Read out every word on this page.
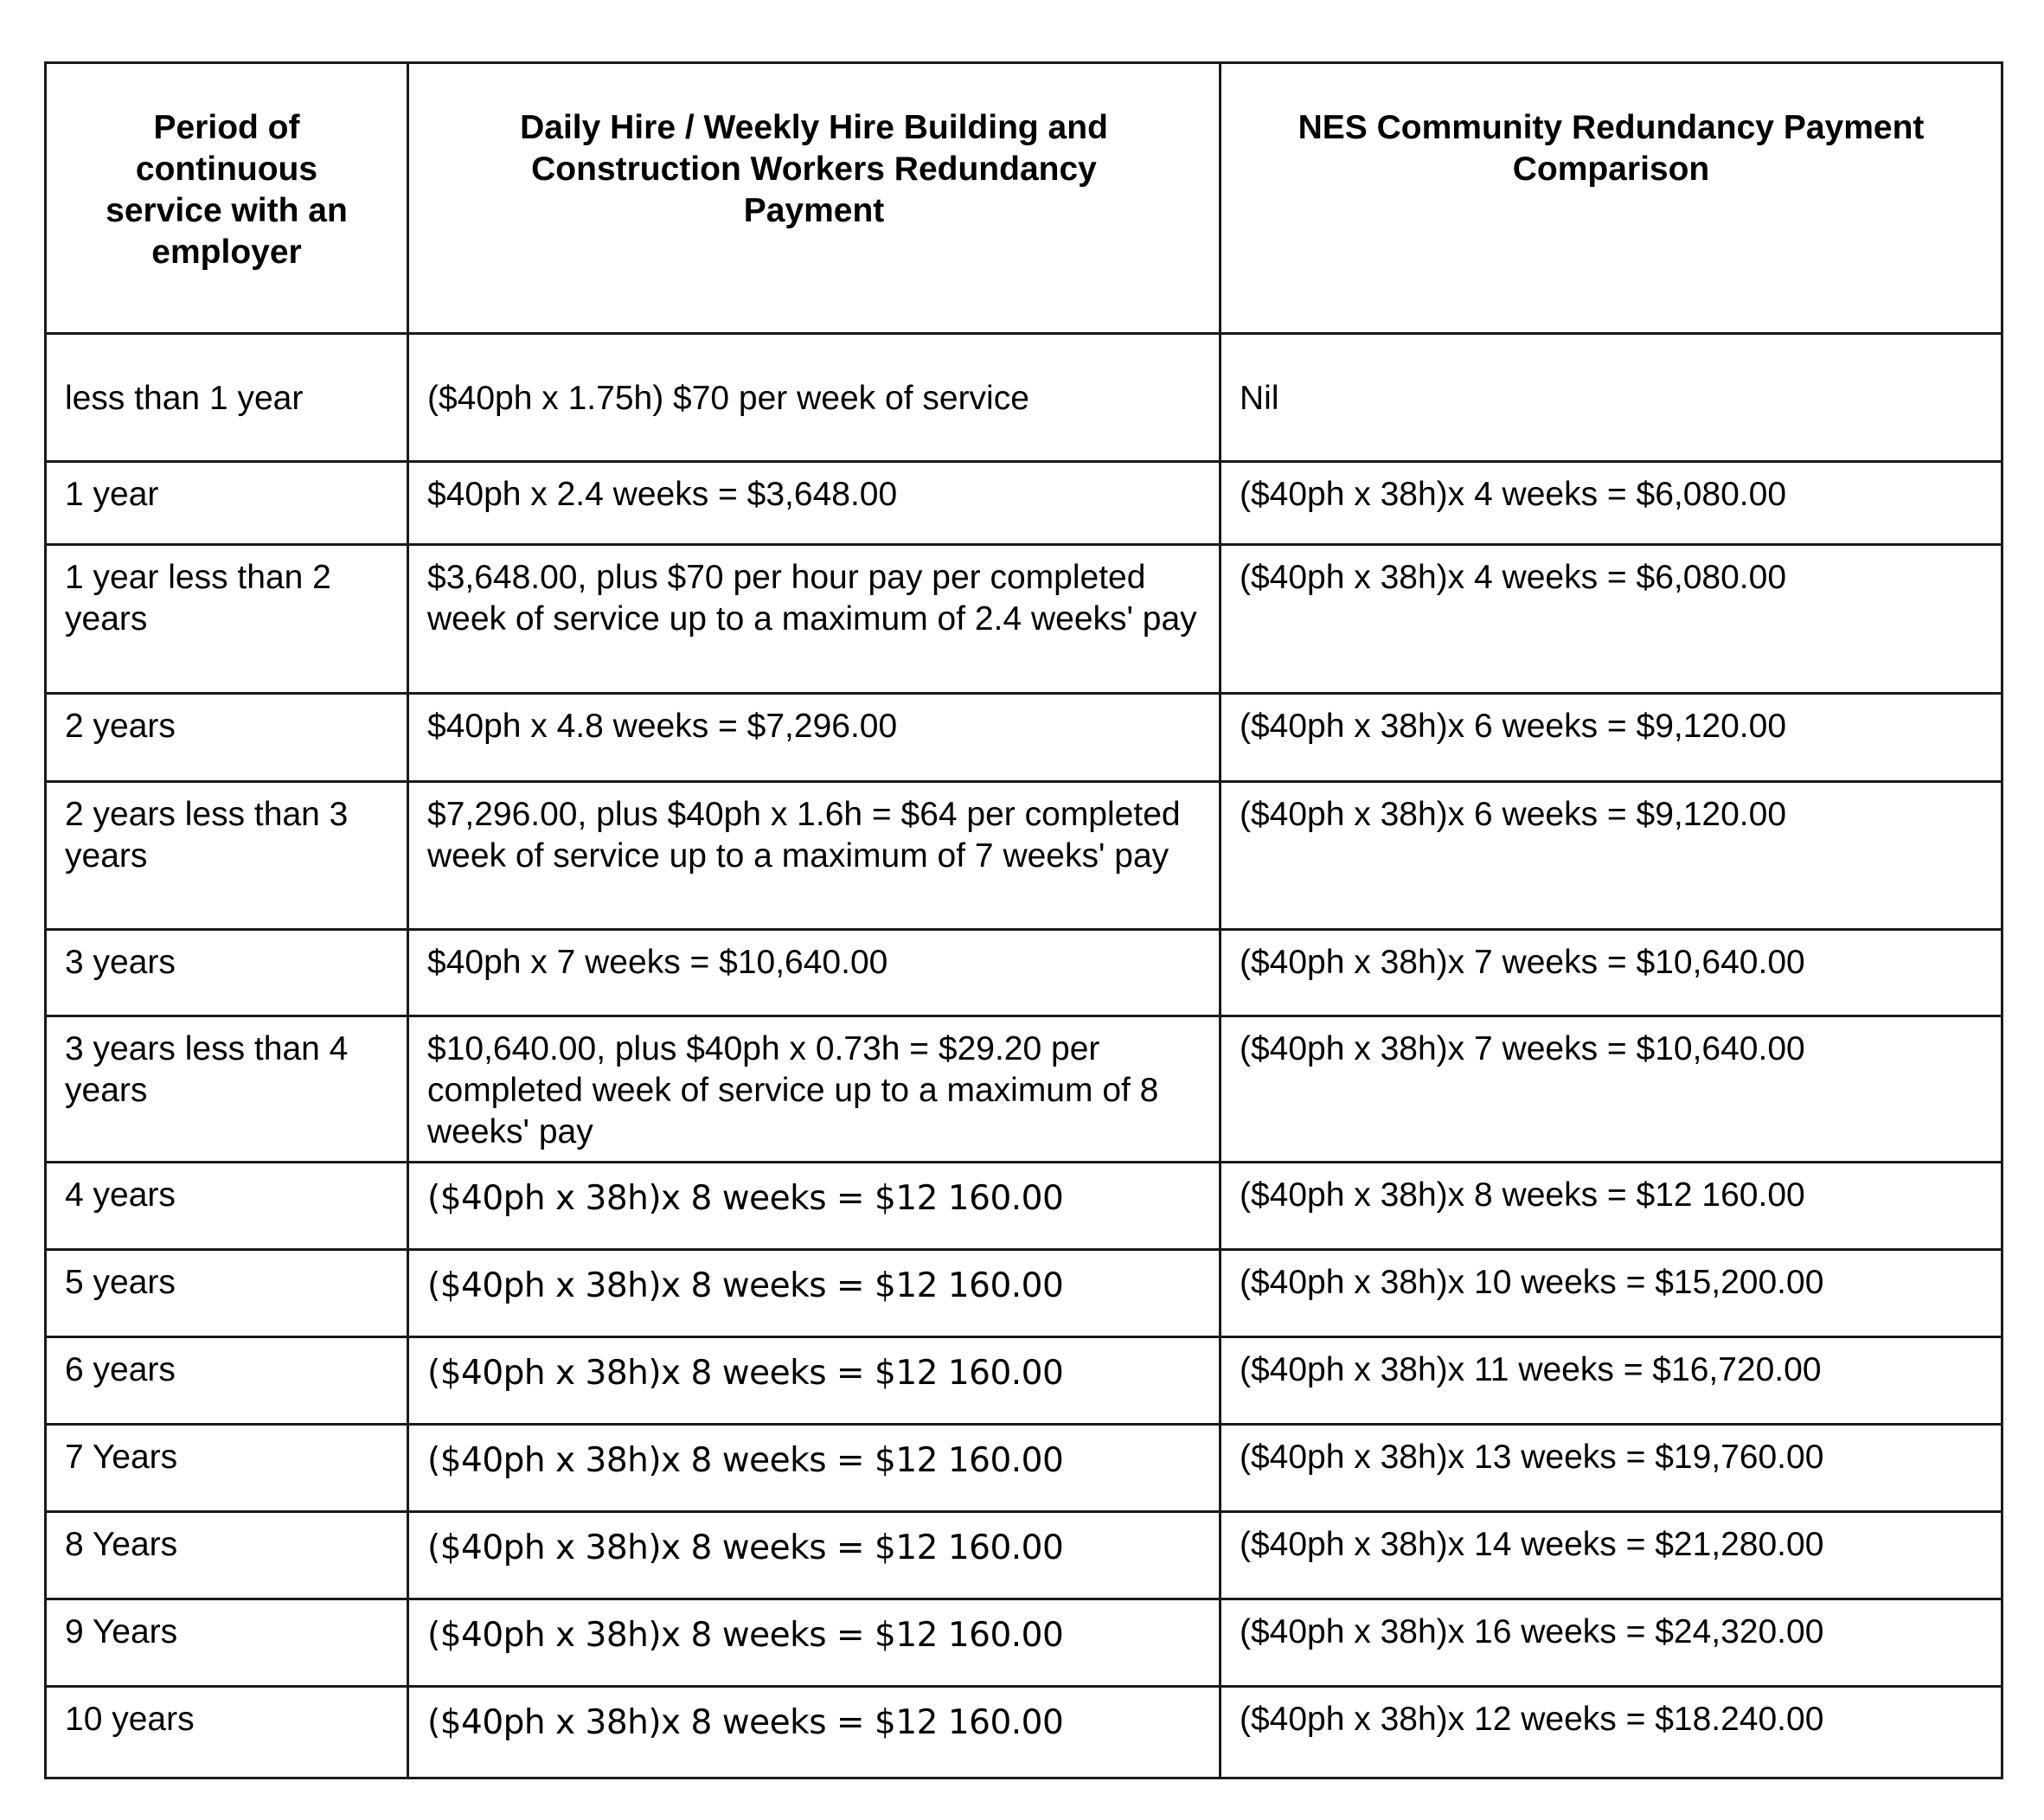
Period of continuous service with an employer	Daily Hire / Weekly Hire Building and Construction Workers Redundancy Payment	NES Community Redundancy Payment Comparison
less than 1 year	($40ph x 1.75h) $70 per week of service	Nil
1 year	$40ph x 2.4 weeks = $3,648.00	($40ph x 38h)x 4 weeks = $6,080.00
1 year less than 2 years	$3,648.00, plus $70 per hour pay per completed week of service up to a maximum of 2.4 weeks' pay	($40ph x 38h)x 4 weeks = $6,080.00
2 years	$40ph x 4.8 weeks = $7,296.00	($40ph x 38h)x 6 weeks = $9,120.00
2 years less than 3 years	$7,296.00, plus $40ph x 1.6h = $64 per completed week of service up to a maximum of 7 weeks' pay	($40ph x 38h)x 6 weeks = $9,120.00
3 years	$40ph x 7 weeks = $10,640.00	($40ph x 38h)x 7 weeks = $10,640.00
3 years less than 4 years	$10,640.00, plus $40ph x 0.73h = $29.20 per completed week of service up to a maximum of 8 weeks' pay	($40ph x 38h)x 7 weeks = $10,640.00
4 years	($40ph x 38h)x 8 weeks = $12 160.00	($40ph x 38h)x 8 weeks = $12 160.00
5 years	($40ph x 38h)x 8 weeks = $12 160.00	($40ph x 38h)x 10 weeks = $15,200.00
6 years	($40ph x 38h)x 8 weeks = $12 160.00	($40ph x 38h)x 11 weeks = $16,720.00
7 Years	($40ph x 38h)x 8 weeks = $12 160.00	($40ph x 38h)x 13 weeks = $19,760.00
8 Years	($40ph x 38h)x 8 weeks = $12 160.00	($40ph x 38h)x 14 weeks = $21,280.00
9 Years	($40ph x 38h)x 8 weeks = $12 160.00	($40ph x 38h)x 16 weeks = $24,320.00
10 years	($40ph x 38h)x 8 weeks = $12 160.00	($40ph x 38h)x 12 weeks = $18.240.00
